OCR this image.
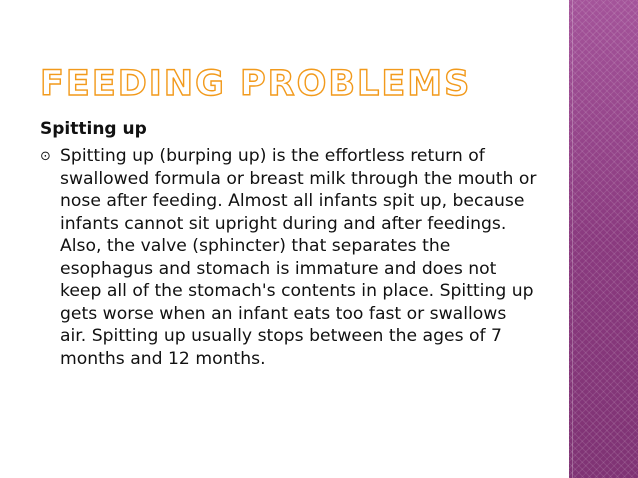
FEEDING PROBLEMS
Spitting up
⊙ Spitting up (burping up) is the effortless return of swallowed formula or breast milk through the mouth or nose after feeding. Almost all infants spit up, because infants cannot sit upright during and after feedings. Also, the valve (sphincter) that separates the esophagus and stomach is immature and does not keep all of the stomach's contents in place. Spitting up gets worse when an infant eats too fast or swallows air. Spitting up usually stops between the ages of 7 months and 12 months.
